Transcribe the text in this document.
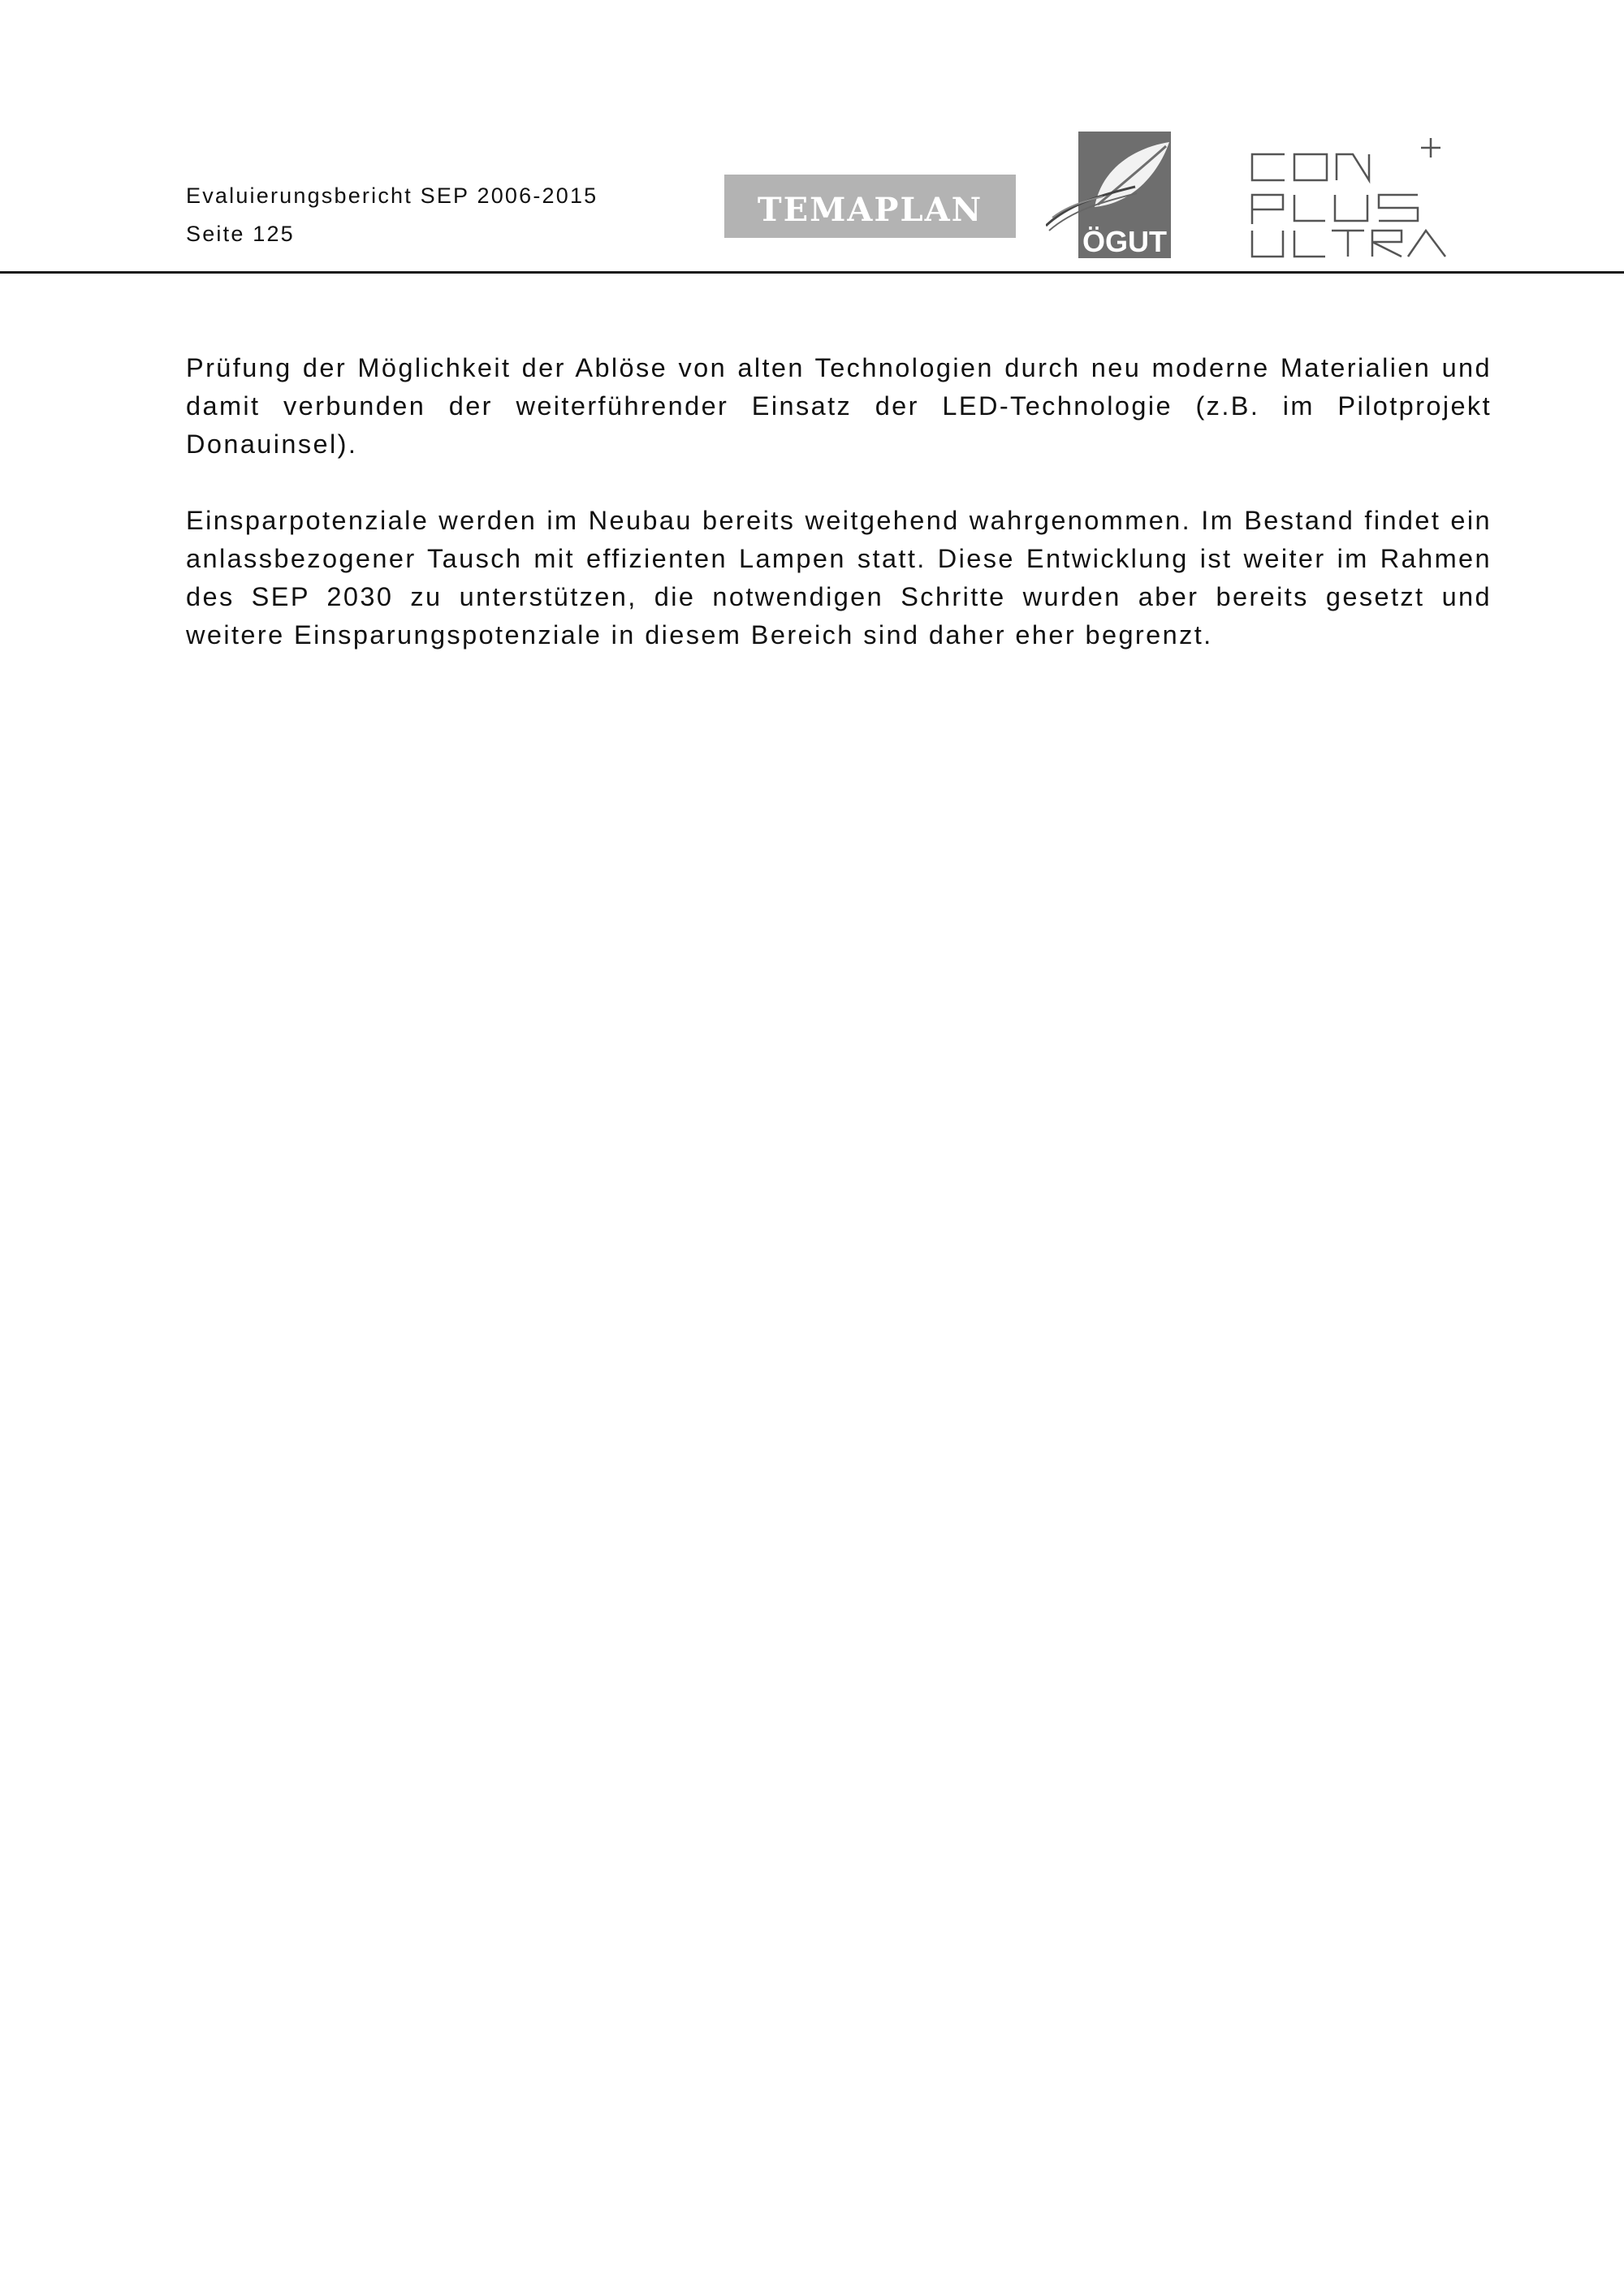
Evaluierungsbericht SEP 2006-2015
Seite 125
TEMAPLAN
ÖGUT

Prüfung der Möglichkeit der Ablöse von alten Technologien durch neu moderne Materialien und damit verbunden der weiterführender Einsatz der LED-Technologie (z.B. im Pilotprojekt Donauinsel).

Einsparpotenziale werden im Neubau bereits weitgehend wahrgenommen. Im Bestand findet ein anlassbezogener Tausch mit effizienten Lampen statt. Diese Entwicklung ist weiter im Rahmen des SEP 2030 zu unterstützen, die notwendigen Schritte wurden aber bereits gesetzt und weitere Einsparungspotenziale in diesem Bereich sind daher eher begrenzt.
